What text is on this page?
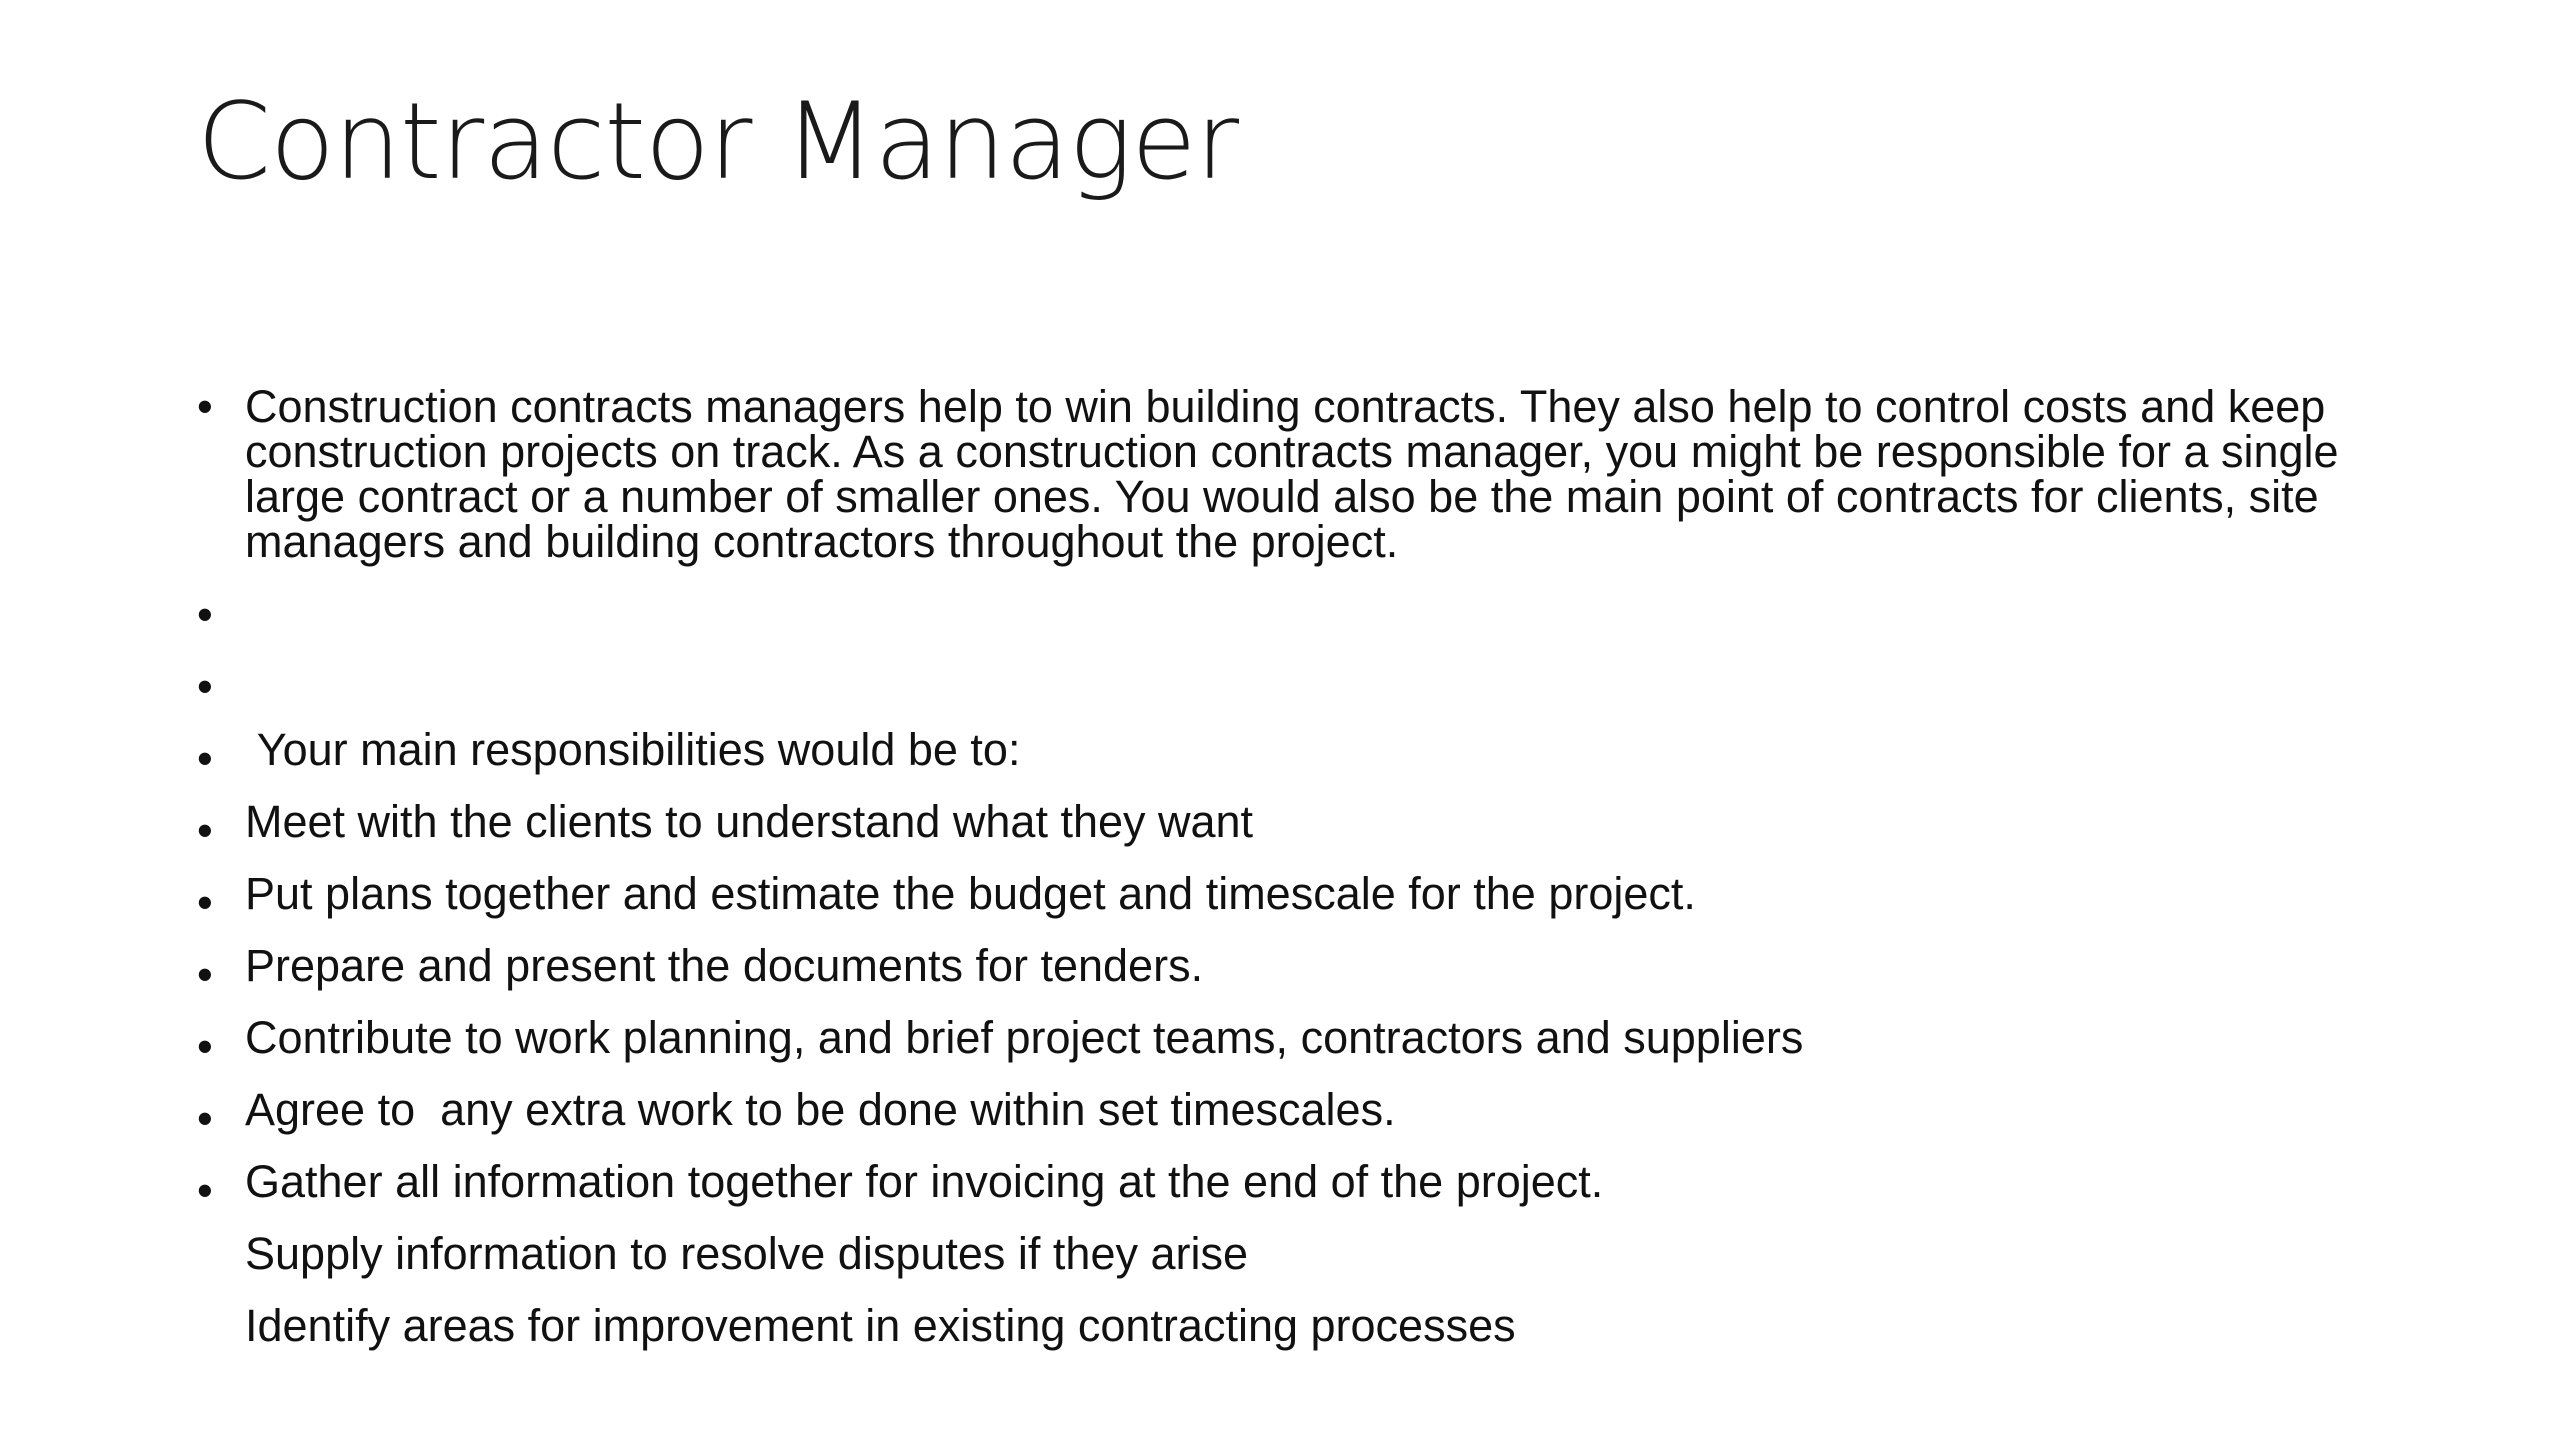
Contractor Manager
• Construction contracts managers help to win building contracts. They also help to control costs and keep construction projects on track. As a construction contracts manager, you might be responsible for a single large contract or a number of smaller ones. You would also be the main point of contracts for clients, site managers and building contractors throughout the project.

•

Your main responsibilities would be to:

•

Meet with the clients to understand what they want

•

Put plans together and estimate the budget and timescale for the project.

•

Prepare and present the documents for tenders.

•

Contribute to work planning, and brief project teams, contractors and suppliers

•

Agree to  any extra work to be done within set timescales.

•

Gather all information together for invoicing at the end of the project.

•

Supply information to resolve disputes if they arise

•

Identify areas for improvement in existing contracting processes
